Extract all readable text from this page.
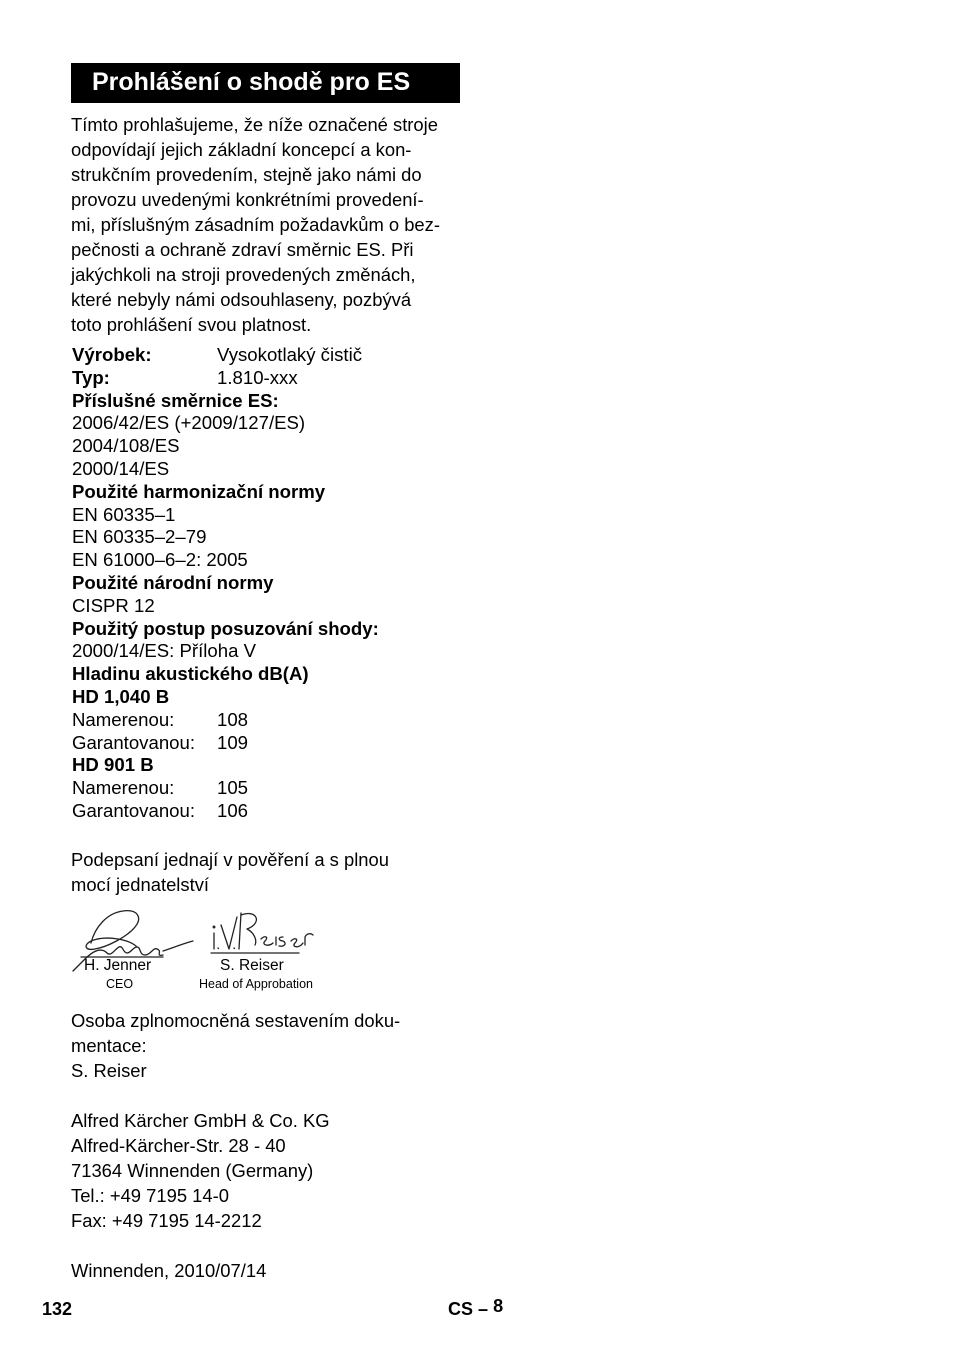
Prohlášení o shodě pro ES
Tímto prohlašujeme, že níže označené stroje
odpovídají jejich základní koncepcí a kon-
strukčním provedením, stejně jako námi do
provozu uvedenými konkrétními provedení-
mi, příslušným zásadním požadavkům o bez-
pečnosti a ochraně zdraví směrnic ES. Při
jakýchkoli na stroji provedených změnách,
které nebyly námi odsouhlaseny, pozbývá
toto prohlášení svou platnost.
Výrobek:	Vysokotlaký čistič
Typ:	1.810-xxx
Příslušné směrnice ES:
2006/42/ES (+2009/127/ES)
2004/108/ES
2000/14/ES
Použité harmonizační normy
EN 60335–1
EN 60335–2–79
EN 61000–6–2: 2005
Použité národní normy
CISPR 12
Použitý postup posuzování shody:
2000/14/ES: Příloha V
Hladinu akustického dB(A)
HD 1,040 B
Namerenou:	108
Garantovanou:	109
HD 901 B
Namerenou:	105
Garantovanou:	106
Podepsaní jednají v pověření a s plnou
mocí jednatelství
H. Jenner
CEO
S. Reiser
Head of Approbation
Osoba zplnomocněná sestavením doku-
mentace:
S. Reiser
Alfred Kärcher GmbH & Co. KG
Alfred-Kärcher-Str. 28 - 40
71364 Winnenden (Germany)
Tel.: +49 7195 14-0
Fax: +49 7195 14-2212
Winnenden, 2010/07/14
132	CS – 8
